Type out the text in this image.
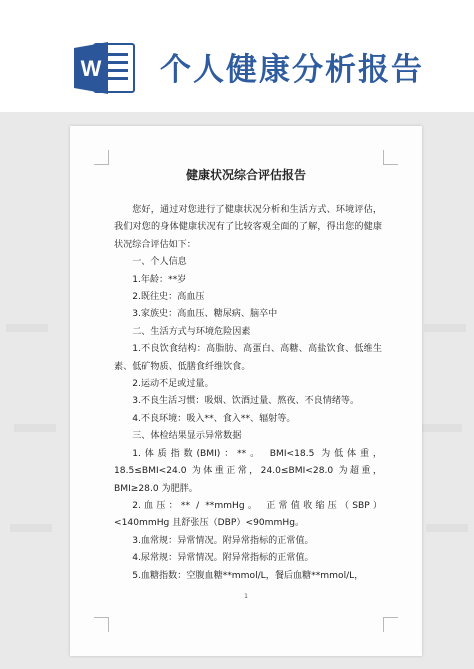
W 个人健康分析报告
健康状况综合评估报告

您好，通过对您进行了健康状况分析和生活方式、环境评估，我们对您的身体健康状况有了比较客观全面的了解，得出您的健康状况综合评估如下：

一、个人信息

1.年龄：**岁

2.既往史：高血压

3.家族史：高血压、糖尿病、脑卒中

二、生活方式与环境危险因素

1.不良饮食结构：高脂肪、高蛋白、高糖、高盐饮食、低维生素、低矿物质、低膳食纤维饮食。

2.运动不足或过量。

3.不良生活习惯：吸烟、饮酒过量、熬夜、不良情绪等。

4.不良环境：吸入**、食入**、辐射等。

三、体检结果显示异常数据

1.体质指数(BMI)：**。 BMI<18.5 为低体重，18.5≤BMI<24.0 为体重正常，24.0≤BMI<28.0 为超重，BMI≥28.0 为肥胖。

2.血压：** / **mmHg。 正常值收缩压（SBP）<140mmHg 且舒张压（DBP）<90mmHg。

3.血常规：异常情况。附异常指标的正常值。

4.尿常规：异常情况。附异常指标的正常值。

5.血糖指数：空腹血糖**mmol/L，餐后血糖**mmol/L，

1
